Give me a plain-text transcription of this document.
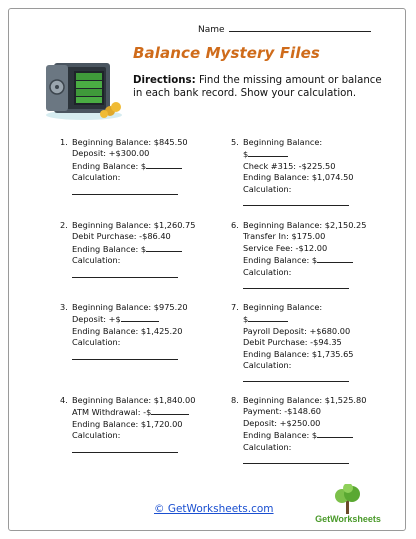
Name
Balance Mystery Files
Directions: Find the missing amount or balance in each bank record. Show your calculation.
1. Beginning Balance: $845.50
Deposit: +$300.00
Ending Balance: $
Calculation:
2. Beginning Balance: $1,260.75
Debit Purchase: -$86.40
Ending Balance: $
Calculation:
3. Beginning Balance: $975.20
Deposit: +$
Ending Balance: $1,425.20
Calculation:
4. Beginning Balance: $1,840.00
ATM Withdrawal: -$
Ending Balance: $1,720.00
Calculation:
5. Beginning Balance:
$
Check #315: -$225.50
Ending Balance: $1,074.50
Calculation:
6. Beginning Balance: $2,150.25
Transfer In: $175.00
Service Fee: -$12.00
Ending Balance: $
Calculation:
7. Beginning Balance:
$
Payroll Deposit: +$680.00
Debit Purchase: -$94.35
Ending Balance: $1,735.65
Calculation:
8. Beginning Balance: $1,525.80
Payment: -$148.60
Deposit: +$250.00
Ending Balance: $
Calculation:
© GetWorksheets.com
GetWorksheets
